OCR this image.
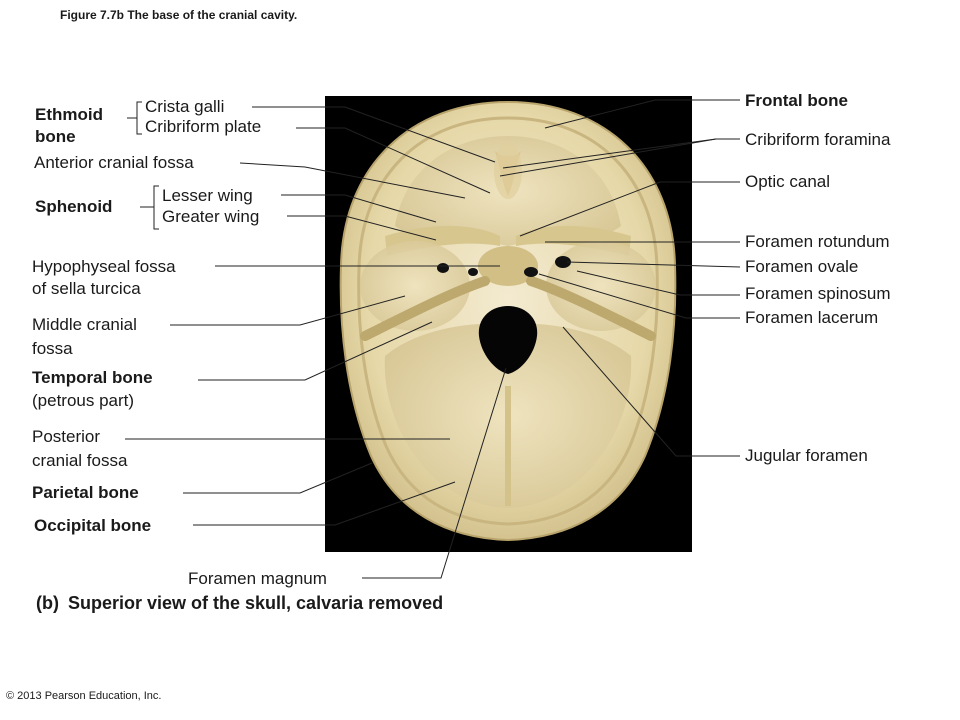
Figure 7.7b The base of the cranial cavity.
Ethmoid
bone
Crista galli
Cribriform plate
Anterior cranial fossa
Sphenoid
Lesser wing
Greater wing
Hypophyseal fossa
of sella turcica
Middle cranial
fossa
Temporal bone
(petrous part)
Posterior
cranial fossa
Parietal bone
Occipital bone
Foramen magnum
Frontal bone
Cribriform foramina
Optic canal
Foramen rotundum
Foramen ovale
Foramen spinosum
Foramen lacerum
Jugular foramen
(b) Superior view of the skull, calvaria removed
© 2013 Pearson Education, Inc.
